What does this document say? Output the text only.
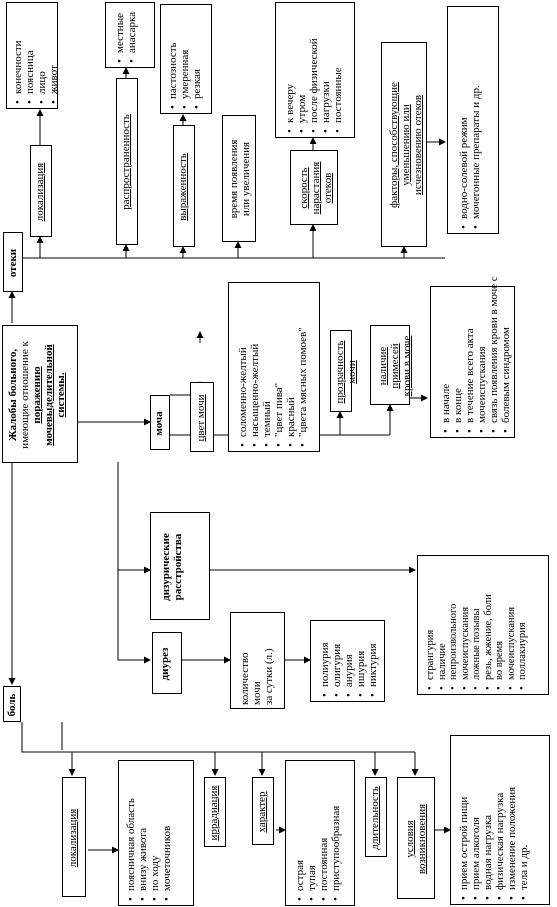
Жалобы больного, имеющие отношение к поражению мочевыделительной системы.
отеки
локализация
• конечности • поясница • лицо • живот
распространенность
• местные • анасарка
выраженность
• пастозность • умеренная • резкая
время появления или увеличения	скорость нарастания отеков
• к вечеру • утром • после физической • нагрузки • постоянные	факторы, способствующие уменьшению или исчезновению отеков	• водно-солевой режим • мочегонные препараты и др.
моча	цвет мочи	• соломенно-желтый • насыщенно-желтый • темный • "цвет пива" • красный • "цвета мясных помоев" прозрачность мочи наличие примесей крови в моче
• в начале • в конце • в течение всего акта • мочеиспускания • связь появления крови в моче с • болевым синдромом
дизурические расстройства
• странгурия • наличие • непроизвольного • мочеиспускания • ложные позывы • резь, жжение, боли • во время • мочеиспускания • поллакиурия
диурез	количество мочи за сутки (л.)	• полиурия • олигурия • анурия • ишурия • никтурия
боль
локализация	• поясничная область • внизу живота • по ходу • мочеточников
иррадиация	характер
• острая • тупая • постоянная • приступообразная длительность	условия возникновения	• прием острой пищи • прием алкоголя • водная нагрузка • физическая нагрузка • изменение положения • тела и др.
